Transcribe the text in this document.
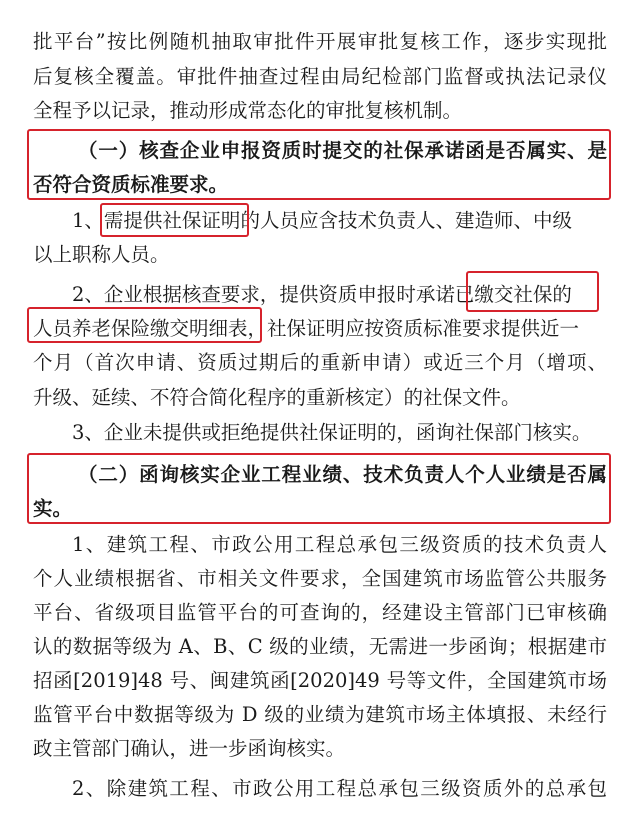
批平台”按比例随机抽取审批件开展审批复核工作，逐步实现批
后复核全覆盖。审批件抽查过程由局纪检部门监督或执法记录仪
全程予以记录，推动形成常态化的审批复核机制。
（一）核查企业申报资质时提交的社保承诺函是否属实、是
否符合资质标准要求。
1、需提供社保证明的人员应含技术负责人、建造师、中级
以上职称人员。
2、企业根据核查要求，提供资质申报时承诺已缴交社保的
人员养老保险缴交明细表，社保证明应按资质标准要求提供近一
个月（首次申请、资质过期后的重新申请）或近三个月（增项、
升级、延续、不符合简化程序的重新核定）的社保文件。
3、企业未提供或拒绝提供社保证明的，函询社保部门核实。
（二）函询核实企业工程业绩、技术负责人个人业绩是否属
实。
1、建筑工程、市政公用工程总承包三级资质的技术负责人
个人业绩根据省、市相关文件要求，全国建筑市场监管公共服务
平台、省级项目监管平台的可查询的，经建设主管部门已审核确
认的数据等级为 A、B、C 级的业绩，无需进一步函询；根据建市
招函[2019]48 号、闽建筑函[2020]49 号等文件，全国建筑市场
监管平台中数据等级为 D 级的业绩为建筑市场主体填报、未经行
政主管部门确认，进一步函询核实。
2、除建筑工程、市政公用工程总承包三级资质外的总承包
